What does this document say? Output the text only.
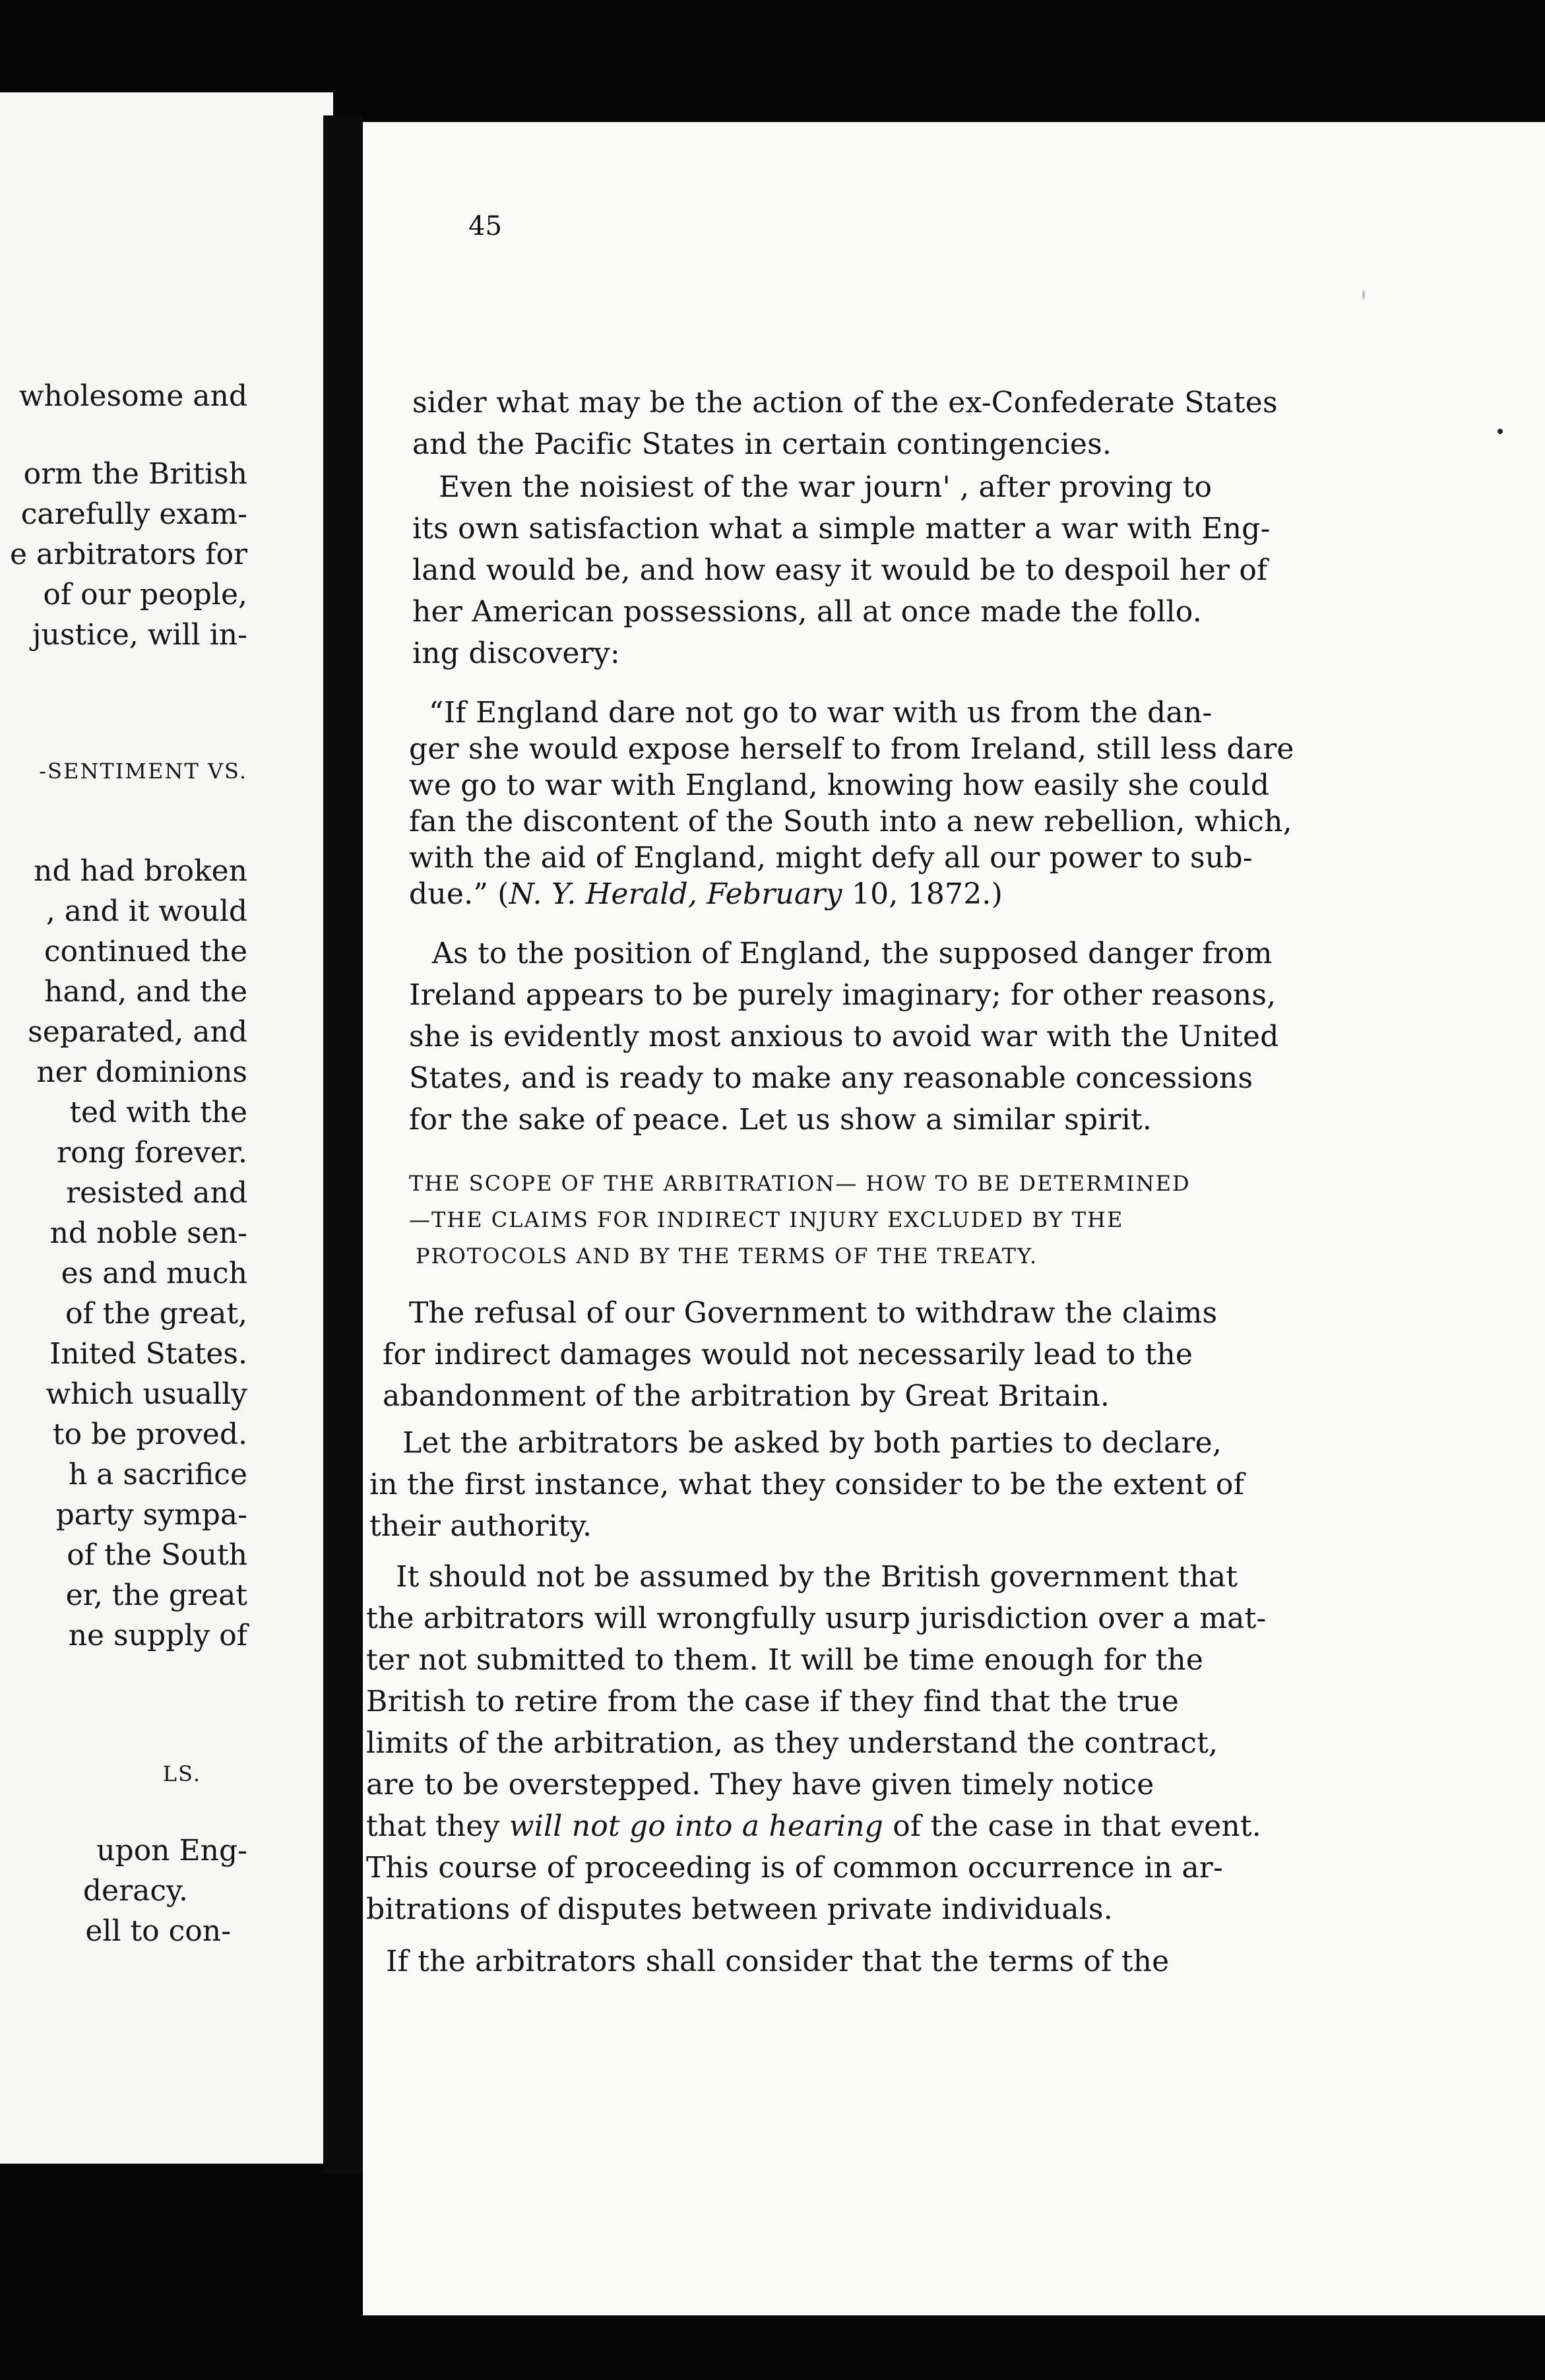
wholesome and
orm the British
carefully exam-
e arbitrators for
of our people,
justice, will in-
-SENTIMENT VS.
nd had broken
, and it would
continued the
hand, and the
separated, and
ner dominions
ted with the
rong forever.
resisted and
nd noble sen-
es and much
of the great,
Inited States.
which usually
to be proved.
h a sacrifice
party sympa-
of the South
er, the great
ne supply of
LS.
upon Eng-
deracy.
ell to con-
45
sider what may be the action of the ex-Confederate States
and the Pacific States in certain contingencies.
Even the noisiest of the war journ' , after proving to
its own satisfaction what a simple matter a war with Eng-
land would be, and how easy it would be to despoil her of
her American possessions, all at once made the follo.
ing discovery:
“If England dare not go to war with us from the dan-
ger she would expose herself to from Ireland, still less dare
we go to war with England, knowing how easily she could
fan the discontent of the South into a new rebellion, which,
with the aid of England, might defy all our power to sub-
due.” (N. Y. Herald, February 10, 1872.)
As to the position of England, the supposed danger from
Ireland appears to be purely imaginary; for other reasons,
she is evidently most anxious to avoid war with the United
States, and is ready to make any reasonable concessions
for the sake of peace. Let us show a similar spirit.
THE SCOPE OF THE ARBITRATION— HOW TO BE DETERMINED
—THE CLAIMS FOR INDIRECT INJURY EXCLUDED BY THE
PROTOCOLS AND BY THE TERMS OF THE TREATY.
The refusal of our Government to withdraw the claims
for indirect damages would not necessarily lead to the
abandonment of the arbitration by Great Britain.
Let the arbitrators be asked by both parties to declare,
in the first instance, what they consider to be the extent of
their authority.
It should not be assumed by the British government that
the arbitrators will wrongfully usurp jurisdiction over a mat-
ter not submitted to them. It will be time enough for the
British to retire from the case if they find that the true
limits of the arbitration, as they understand the contract,
are to be overstepped. They have given timely notice
that they will not go into a hearing of the case in that event.
This course of proceeding is of common occurrence in ar-
bitrations of disputes between private individuals.
If the arbitrators shall consider that the terms of the
